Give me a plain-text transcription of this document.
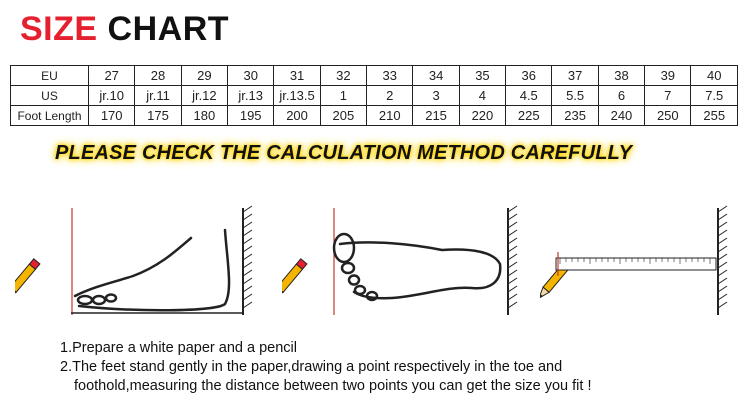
SIZE CHART
EU	27	28	29	30	31	32	33	34	35	36	37	38	39	40
US	jr.10	jr.11	jr.12	jr.13	jr.13.5	1	2	3	4	4.5	5.5	6	7	7.5
Foot Length	170	175	180	195	200	205	210	215	220	225	235	240	250	255
PLEASE CHECK THE CALCULATION METHOD CAREFULLY
1.Prepare a white paper and a pencil
2.The feet stand gently in the paper,drawing a point respectively in the toe and
foothold,measuring the distance between two points you can get the size you fit !
